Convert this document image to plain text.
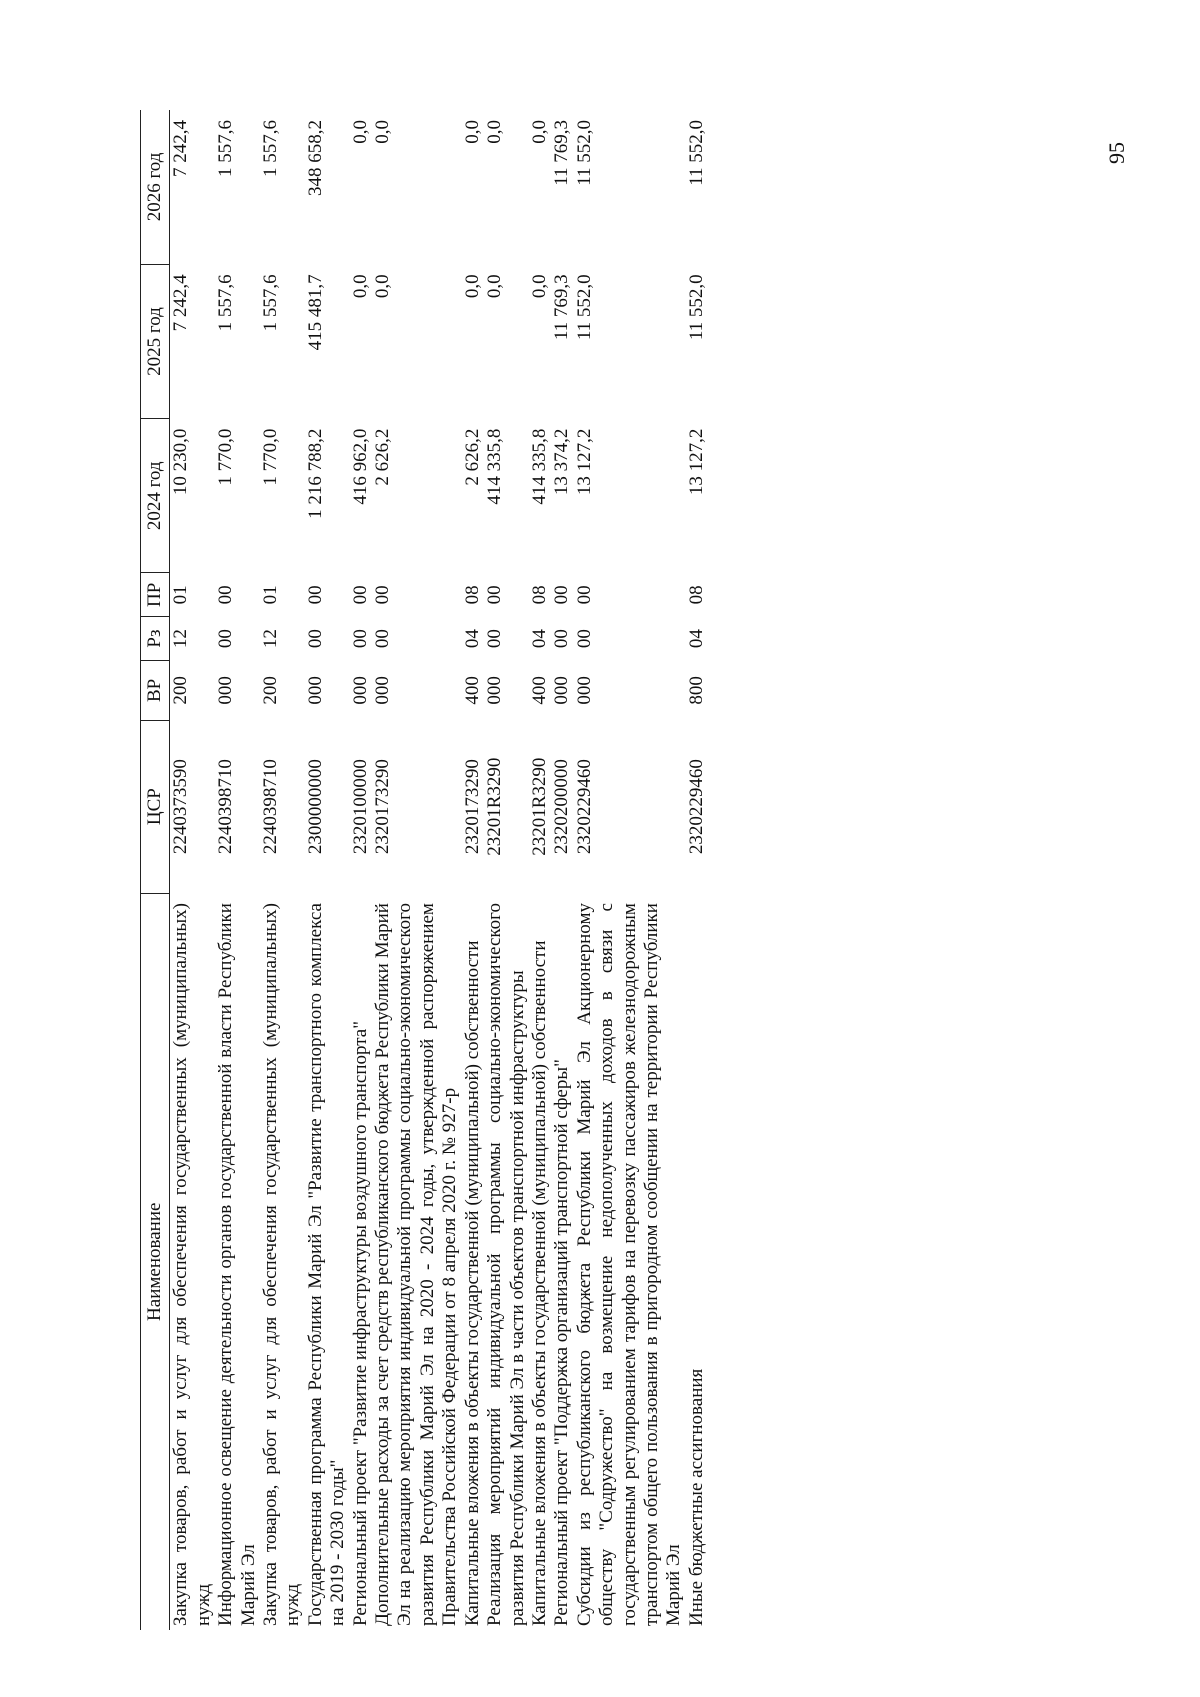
95
Наименование	ЦСР	ВР	Рз	ПР	2024 год	2025 год	2026 год
Закупка товаров, работ и услуг для обеспечения государственных (муниципальных) нужд	2240373590	200	12	01	10 230,0	7 242,4	7 242,4
Информационное освещение деятельности органов государственной власти Республики Марий Эл	2240398710	000	00	00	1 770,0	1 557,6	1 557,6
Закупка товаров, работ и услуг для обеспечения государственных (муниципальных) нужд	2240398710	200	12	01	1 770,0	1 557,6	1 557,6
Государственная программа Республики Марий Эл "Развитие транспортного комплекса на 2019 - 2030 годы"	2300000000	000	00	00	1 216 788,2	415 481,7	348 658,2
Региональный проект "Развитие инфраструктуры воздушного транспорта"	2320100000	000	00	00	416 962,0	0,0	0,0
Дополнительные расходы за счет средств республиканского бюджета Республики Марий Эл на реализацию мероприятия индивидуальной программы социально-экономического развития Республики Марий Эл на 2020 - 2024 годы, утвержденной распоряжением Правительства Российской Федерации от 8 апреля 2020 г. № 927-р	2320173290	000	00	00	2 626,2	0,0	0,0
Капитальные вложения в объекты государственной (муниципальной) собственности	2320173290	400	04	08	2 626,2	0,0	0,0
Реализация мероприятий индивидуальной программы социально-экономического развития Республики Марий Эл в части объектов транспортной инфраструктуры	23201R3290	000	00	00	414 335,8	0,0	0,0
Капитальные вложения в объекты государственной (муниципальной) собственности	23201R3290	400	04	08	414 335,8	0,0	0,0
Региональный проект "Поддержка организаций транспортной сферы"	2320200000	000	00	00	13 374,2	11 769,3	11 769,3
Субсидии из республиканского бюджета Республики Марий Эл Акционерному обществу "Содружество" на возмещение недополученных доходов в связи с государственным регулированием тарифов на перевозку пассажиров железнодорожным транспортом общего пользования в пригородном сообщении на территории Республики Марий Эл	2320229460	000	00	00	13 127,2	11 552,0	11 552,0
Иные бюджетные ассигнования	2320229460	800	04	08	13 127,2	11 552,0	11 552,0
